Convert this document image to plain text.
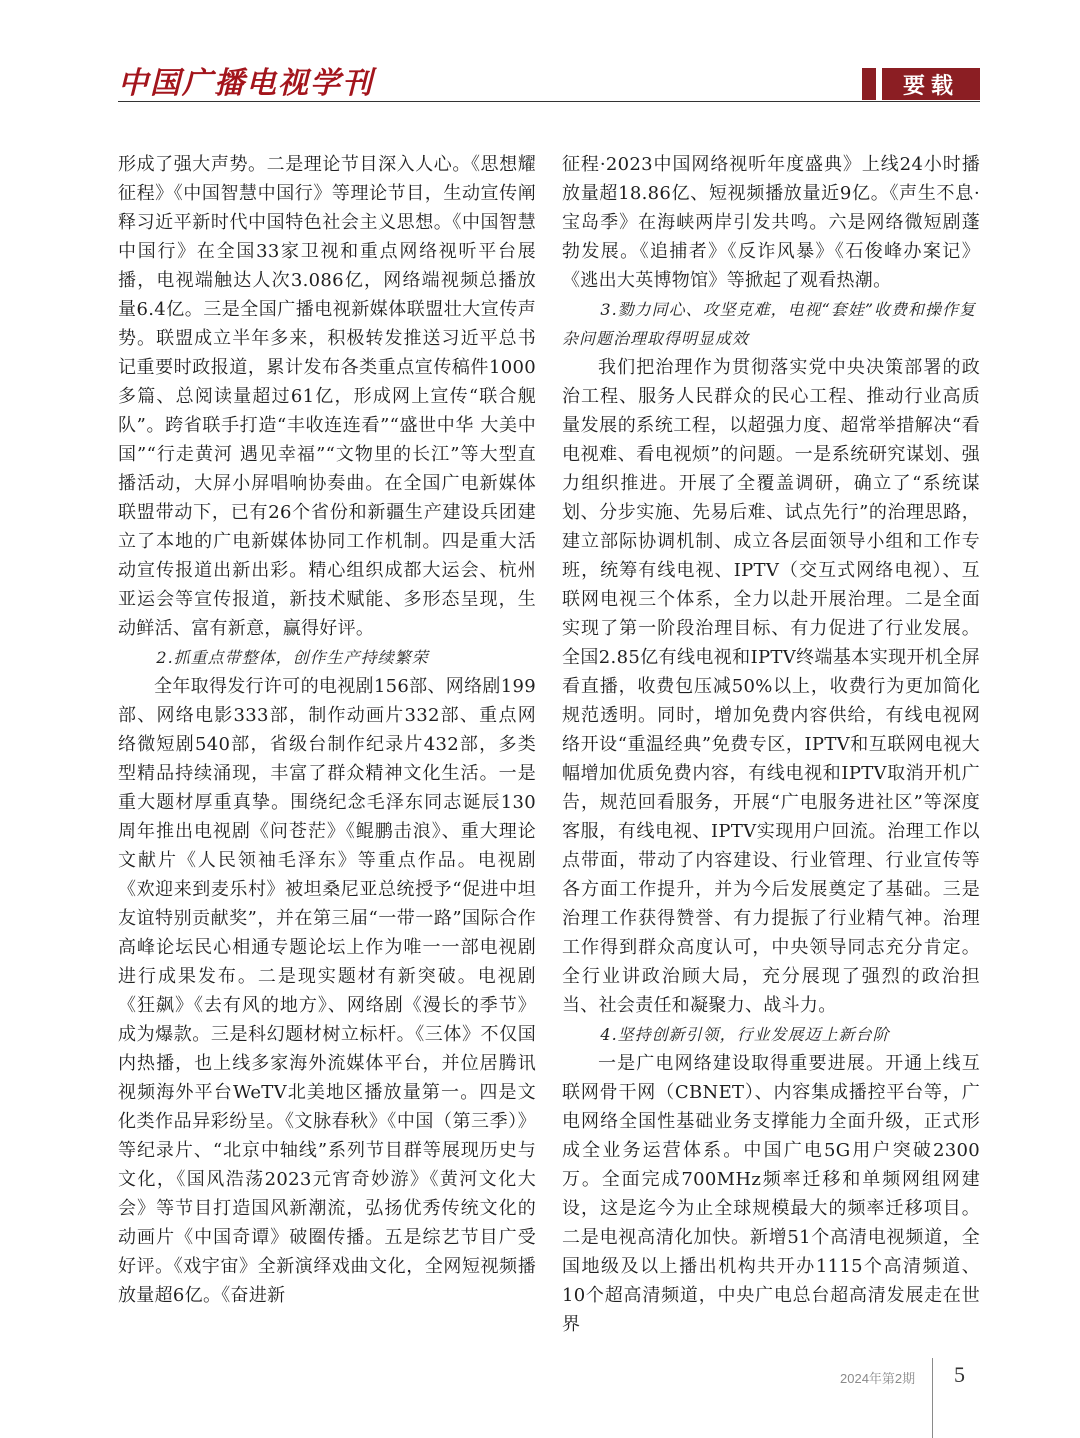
中国广播电视学刊	要载

形成了强大声势。二是理论节目深入人心。《思想耀征程》《中国智慧中国行》等理论节目，生动宣传阐释习近平新时代中国特色社会主义思想。《中国智慧中国行》在全国33家卫视和重点网络视听平台展播，电视端触达人次3.086亿，网络端视频总播放量6.4亿。三是全国广播电视新媒体联盟壮大宣传声势。联盟成立半年多来，积极转发推送习近平总书记重要时政报道，累计发布各类重点宣传稿件1000多篇、总阅读量超过61亿，形成网上宣传“联合舰队”。跨省联手打造“丰收连连看”“盛世中华 大美中国”“行走黄河 遇见幸福”“文物里的长江”等大型直播活动，大屏小屏唱响协奏曲。在全国广电新媒体联盟带动下，已有26个省份和新疆生产建设兵团建立了本地的广电新媒体协同工作机制。四是重大活动宣传报道出新出彩。精心组织成都大运会、杭州亚运会等宣传报道，新技术赋能、多形态呈现，生动鲜活、富有新意，赢得好评。

2.抓重点带整体，创作生产持续繁荣

全年取得发行许可的电视剧156部、网络剧199部、网络电影333部，制作动画片332部、重点网络微短剧540部，省级台制作纪录片432部，多类型精品持续涌现，丰富了群众精神文化生活。一是重大题材厚重真挚。围绕纪念毛泽东同志诞辰130周年推出电视剧《问苍茫》《鲲鹏击浪》、重大理论文献片《人民领袖毛泽东》等重点作品。电视剧《欢迎来到麦乐村》被坦桑尼亚总统授予“促进中坦友谊特别贡献奖”，并在第三届“一带一路”国际合作高峰论坛民心相通专题论坛上作为唯一一部电视剧进行成果发布。二是现实题材有新突破。电视剧《狂飙》《去有风的地方》、网络剧《漫长的季节》成为爆款。三是科幻题材树立标杆。《三体》不仅国内热播，也上线多家海外流媒体平台，并位居腾讯视频海外平台WeTV北美地区播放量第一。四是文化类作品异彩纷呈。《文脉春秋》《中国（第三季）》等纪录片、“北京中轴线”系列节目群等展现历史与文化，《国风浩荡2023元宵奇妙游》《黄河文化大会》等节目打造国风新潮流，弘扬优秀传统文化的动画片《中国奇谭》破圈传播。五是综艺节目广受好评。《戏宇宙》全新演绎戏曲文化，全网短视频播放量超6亿。《奋进新

征程·2023中国网络视听年度盛典》上线24小时播放量超18.86亿、短视频播放量近9亿。《声生不息·宝岛季》在海峡两岸引发共鸣。六是网络微短剧蓬勃发展。《追捕者》《反诈风暴》《石俊峰办案记》《逃出大英博物馆》等掀起了观看热潮。

3.勠力同心、攻坚克难，电视“套娃”收费和操作复杂问题治理取得明显成效

我们把治理作为贯彻落实党中央决策部署的政治工程、服务人民群众的民心工程、推动行业高质量发展的系统工程，以超强力度、超常举措解决“看电视难、看电视烦”的问题。一是系统研究谋划、强力组织推进。开展了全覆盖调研，确立了“系统谋划、分步实施、先易后难、试点先行”的治理思路，建立部际协调机制、成立各层面领导小组和工作专班，统筹有线电视、IPTV（交互式网络电视）、互联网电视三个体系，全力以赴开展治理。二是全面实现了第一阶段治理目标、有力促进了行业发展。全国2.85亿有线电视和IPTV终端基本实现开机全屏看直播，收费包压减50%以上，收费行为更加简化规范透明。同时，增加免费内容供给，有线电视网络开设“重温经典”免费专区，IPTV和互联网电视大幅增加优质免费内容，有线电视和IPTV取消开机广告，规范回看服务，开展“广电服务进社区”等深度客服，有线电视、IPTV实现用户回流。治理工作以点带面，带动了内容建设、行业管理、行业宣传等各方面工作提升，并为今后发展奠定了基础。三是治理工作获得赞誉、有力提振了行业精气神。治理工作得到群众高度认可，中央领导同志充分肯定。全行业讲政治顾大局，充分展现了强烈的政治担当、社会责任和凝聚力、战斗力。

4.坚持创新引领，行业发展迈上新台阶

一是广电网络建设取得重要进展。开通上线互联网骨干网（CBNET）、内容集成播控平台等，广电网络全国性基础业务支撑能力全面升级，正式形成全业务运营体系。中国广电5G用户突破2300万。全面完成700MHz频率迁移和单频网组网建设，这是迄今为止全球规模最大的频率迁移项目。二是电视高清化加快。新增51个高清电视频道，全国地级及以上播出机构共开办1115个高清频道、10个超高清频道，中央广电总台超高清发展走在世界

2024年第2期 5
